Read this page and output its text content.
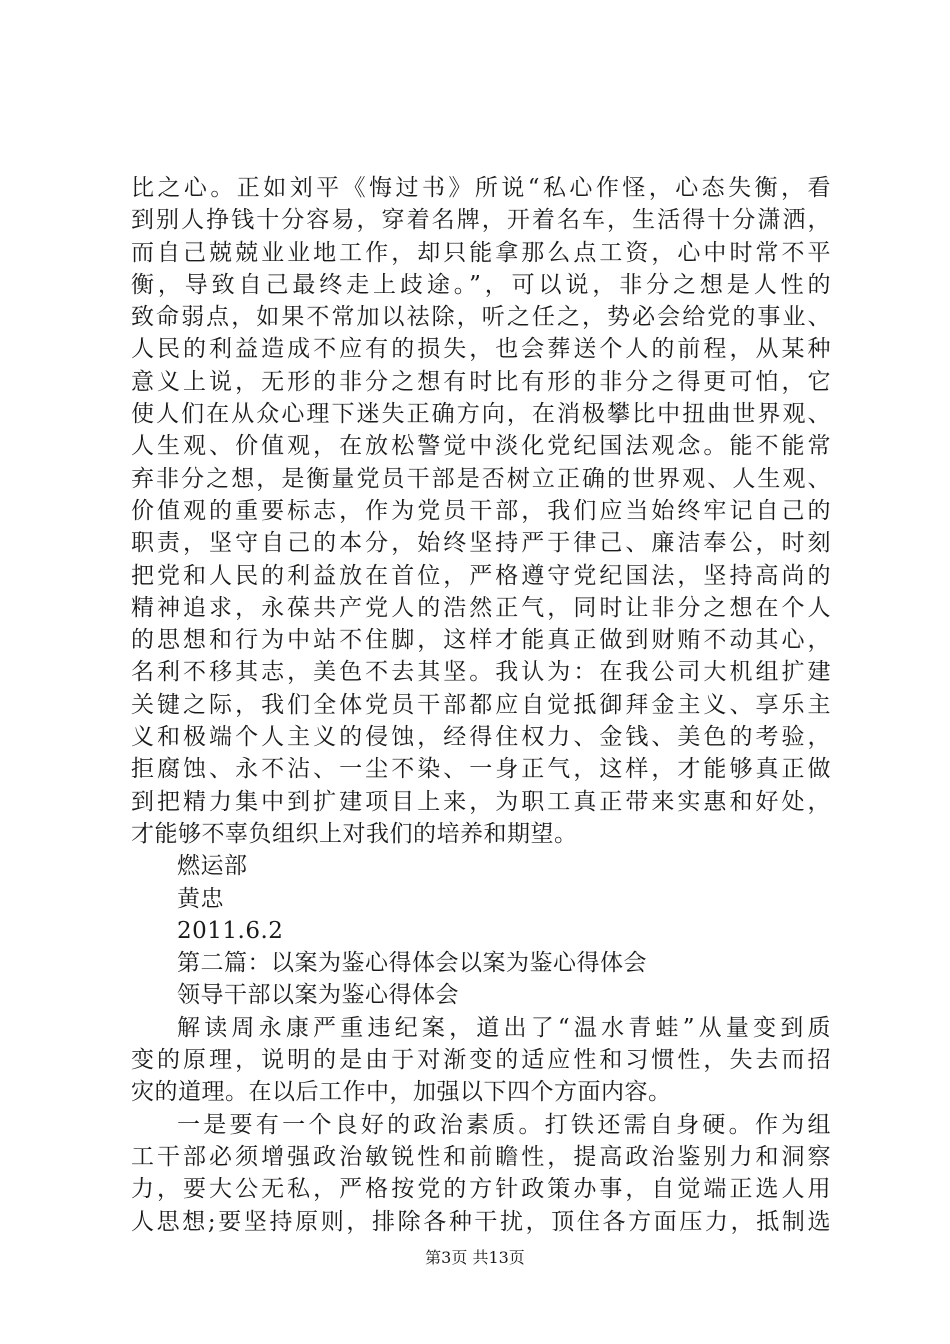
比之心。正如刘平《悔过书》所说“私心作怪，心态失衡，看
到别人挣钱十分容易，穿着名牌，开着名车，生活得十分潇洒，
而自己兢兢业业地工作，却只能拿那么点工资，心中时常不平
衡，导致自己最终走上歧途。”，可以说，非分之想是人性的
致命弱点，如果不常加以祛除，听之任之，势必会给党的事业、
人民的利益造成不应有的损失，也会葬送个人的前程，从某种
意义上说，无形的非分之想有时比有形的非分之得更可怕，它
使人们在从众心理下迷失正确方向，在消极攀比中扭曲世界观、
人生观、价值观，在放松警觉中淡化党纪国法观念。能不能常
弃非分之想，是衡量党员干部是否树立正确的世界观、人生观、
价值观的重要标志，作为党员干部，我们应当始终牢记自己的
职责，坚守自己的本分，始终坚持严于律己、廉洁奉公，时刻
把党和人民的利益放在首位，严格遵守党纪国法，坚持高尚的
精神追求，永葆共产党人的浩然正气，同时让非分之想在个人
的思想和行为中站不住脚，这样才能真正做到财贿不动其心，
名利不移其志，美色不去其坚。我认为：在我公司大机组扩建
关键之际，我们全体党员干部都应自觉抵御拜金主义、享乐主
义和极端个人主义的侵蚀，经得住权力、金钱、美色的考验，
拒腐蚀、永不沾、一尘不染、一身正气，这样，才能够真正做
到把精力集中到扩建项目上来，为职工真正带来实惠和好处，
才能够不辜负组织上对我们的培养和期望。
燃运部
黄忠
2011.6.2
第二篇：以案为鉴心得体会以案为鉴心得体会
领导干部以案为鉴心得体会
解读周永康严重违纪案，道出了“温水青蛙”从量变到质
变的原理，说明的是由于对渐变的适应性和习惯性，失去而招
灾的道理。在以后工作中，加强以下四个方面内容。
一是要有一个良好的政治素质。打铁还需自身硬。作为组
工干部必须增强政治敏锐性和前瞻性，提高政治鉴别力和洞察
力，要大公无私，严格按党的方针政策办事，自觉端正选人用
人思想;要坚持原则，排除各种干扰，顶住各方面压力，抵制选
第3页 共13页
